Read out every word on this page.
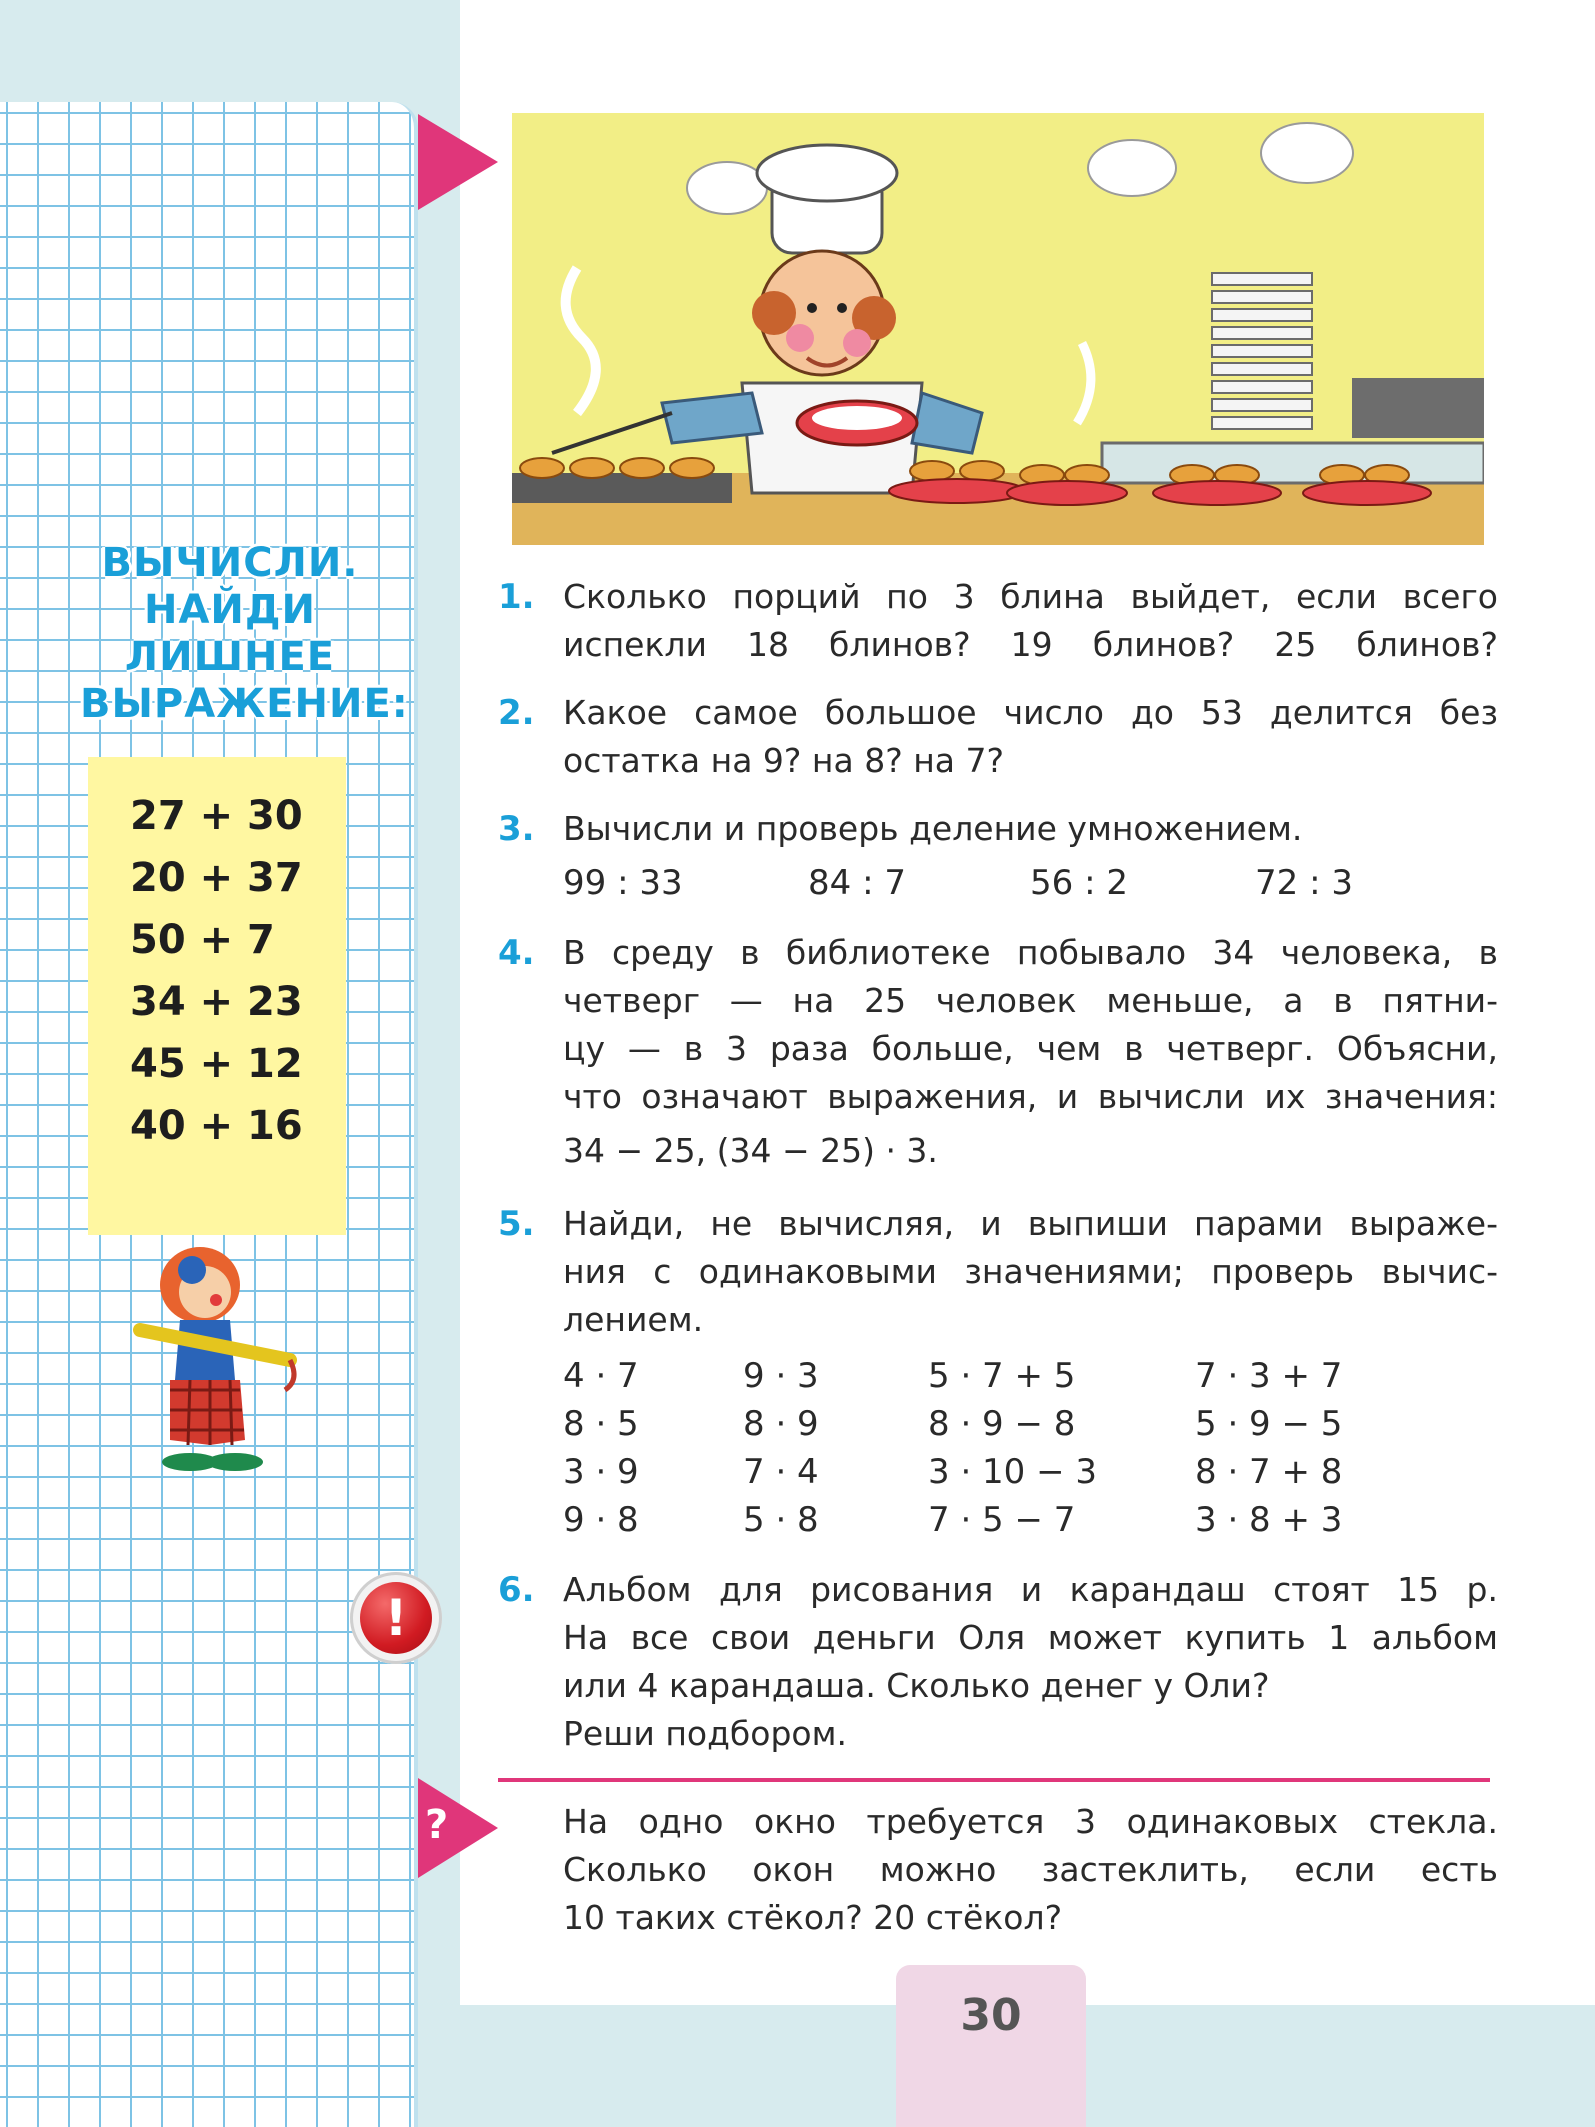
ВЫЧИСЛИ.
НАЙДИ
ЛИШНЕЕ
ВЫРАЖЕНИЕ:
27 + 30
20 + 37
50 + 7
34 + 23
45 + 12
40 + 16
1. Сколько порций по 3 блина выйдет, если всего
испекли 18 блинов? 19 блинов? 25 блинов?
2. Какое самое большое число до 53 делится без
остатка на 9? на 8? на 7?
3. Вычисли и проверь деление умножением.
99 : 33	84 : 7	56 : 2	72 : 3
4. В среду в библиотеке побывало 34 человека, в
четверг — на 25 человек меньше, а в пятни-
цу — в 3 раза больше, чем в четверг. Объясни,
что означают выражения, и вычисли их значения:
34 − 25, (34 − 25) · 3.
5. Найди, не вычисляя, и выпиши парами выраже-
ния с одинаковыми значениями; проверь вычис-
лением.
4 · 7	9 · 3	5 · 7 + 5	7 · 3 + 7
8 · 5	8 · 9	8 · 9 − 8	5 · 9 − 5
3 · 9	7 · 4	3 · 10 − 3	8 · 7 + 8
9 · 8	5 · 8	7 · 5 − 7	3 · 8 + 3
!	6. Альбом для рисования и карандаш стоят 15 р.
На все свои деньги Оля может купить 1 альбом
или 4 карандаша. Сколько денег у Оли?
Реши подбором.
?	На одно окно требуется 3 одинаковых стекла.
Сколько окон можно застеклить, если есть
10 таких стёкол? 20 стёкол?
30
